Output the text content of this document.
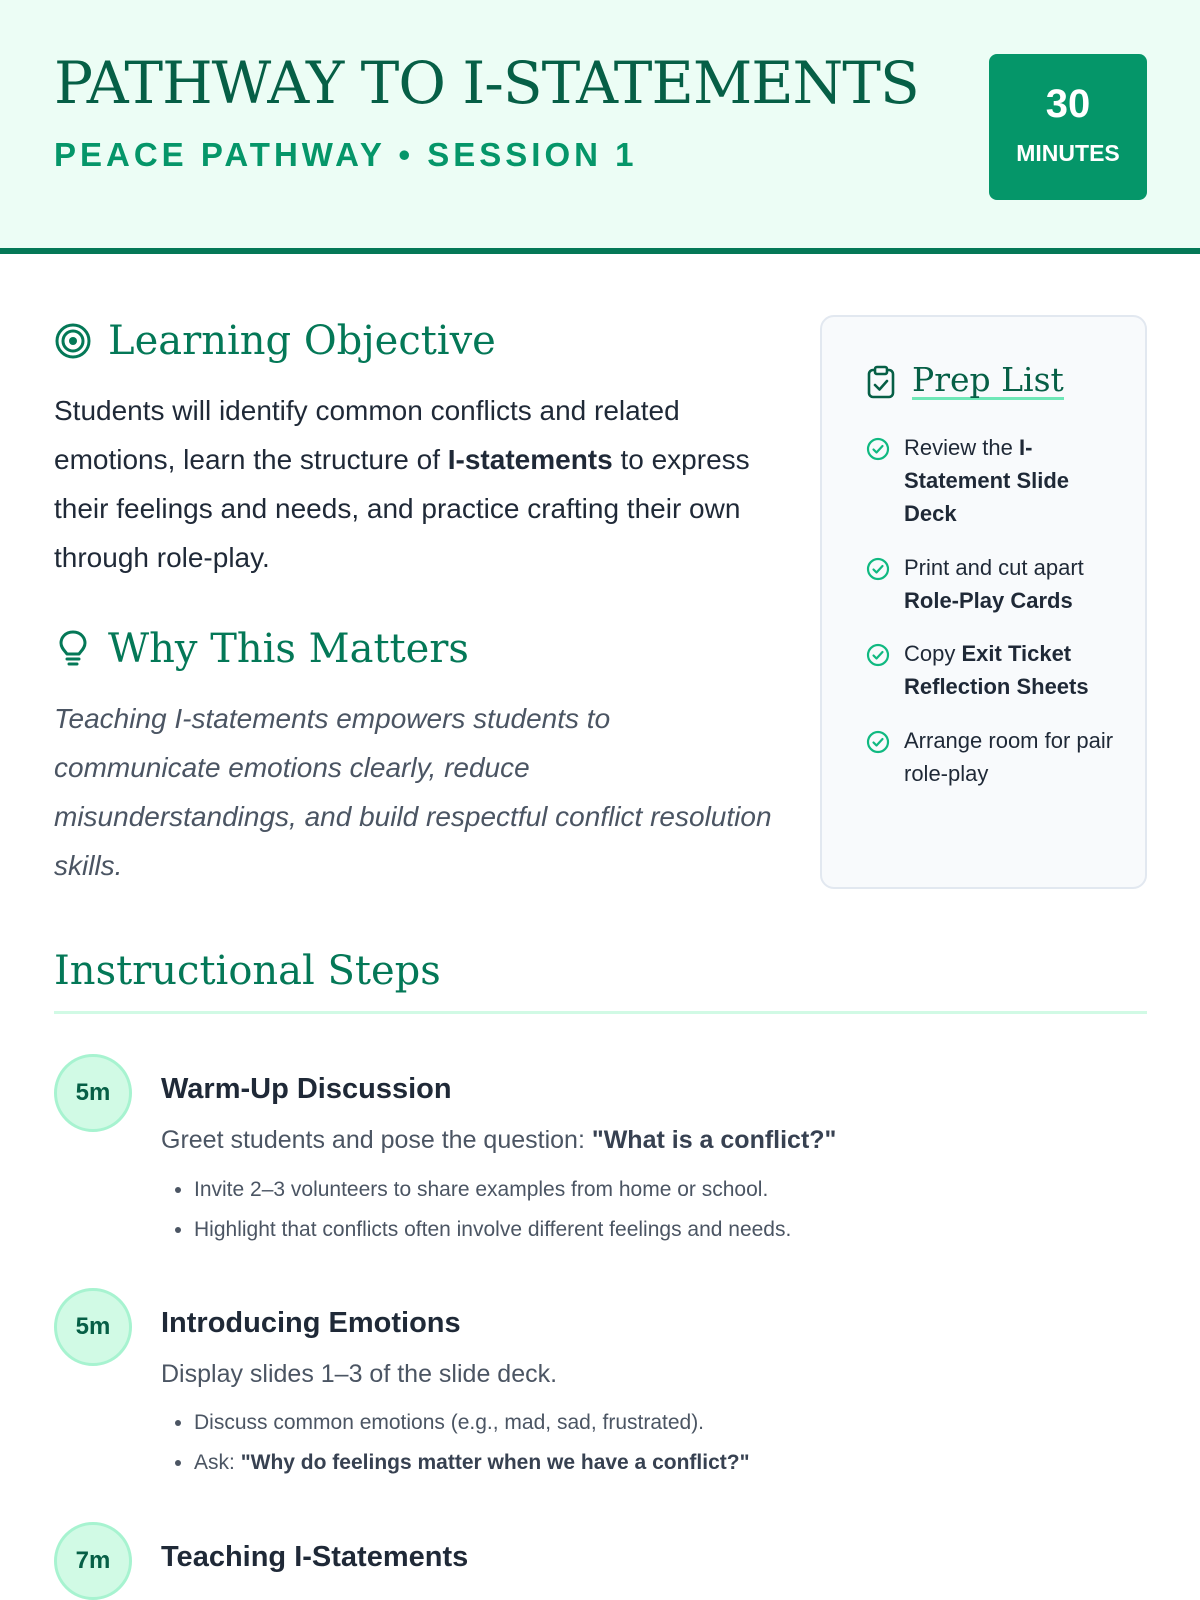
PATHWAY TO I-STATEMENTS
PEACE PATHWAY • SESSION 1
30
MINUTES
Learning Objective
Students will identify common conflicts and related emotions, learn the structure of I-statements to express their feelings and needs, and practice crafting their own through role-play.
Why This Matters
Teaching I-statements empowers students to communicate emotions clearly, reduce misunderstandings, and build respectful conflict resolution skills.
Prep List
Review the I-Statement Slide Deck
Print and cut apart Role-Play Cards
Copy Exit Ticket Reflection Sheets
Arrange room for pair role-play
Instructional Steps
5m	Warm-Up Discussion
Greet students and pose the question: "What is a conflict?"
• Invite 2–3 volunteers to share examples from home or school.
• Highlight that conflicts often involve different feelings and needs.
5m	Introducing Emotions
Display slides 1–3 of the slide deck.
• Discuss common emotions (e.g., mad, sad, frustrated).
• Ask: "Why do feelings matter when we have a conflict?"
7m	Teaching I-Statements
